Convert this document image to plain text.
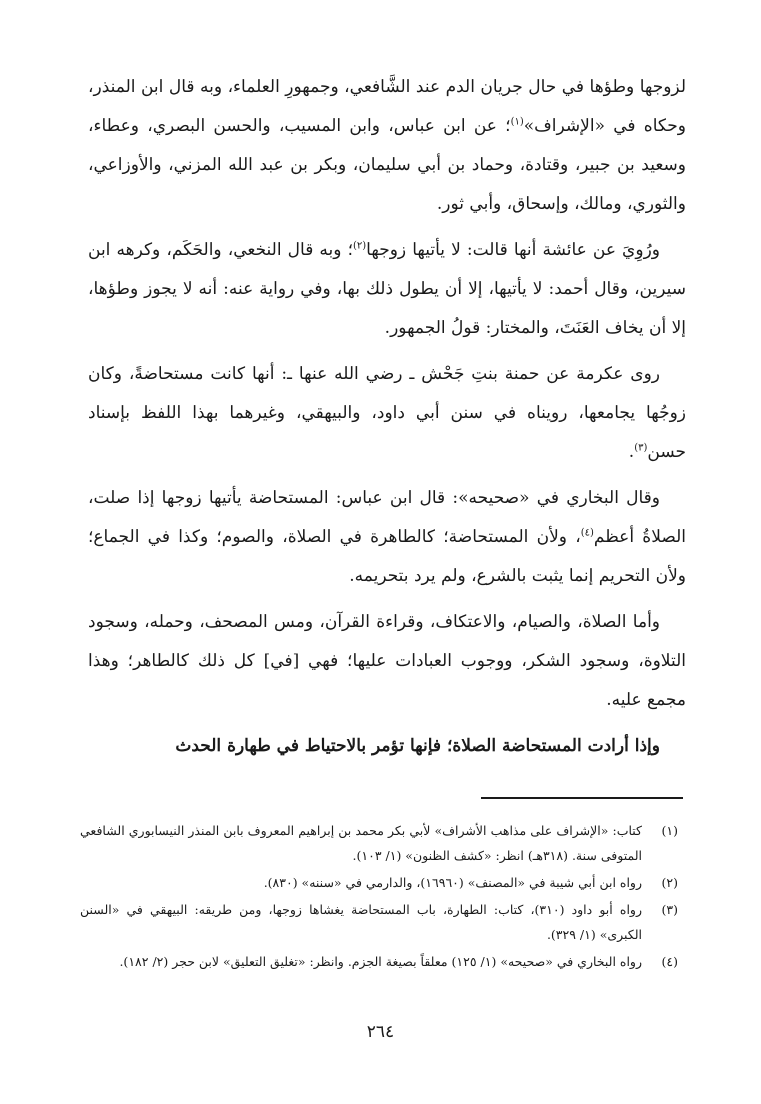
لزوجها وطؤها في حال جريان الدم عند الشَّافعي، وجمهورِ العلماء، وبه قال ابن المنذر، وحكاه في «الإشراف»$^{(١)}$؛ عن ابن عباس، وابن المسيب، والحسن البصري، وعطاء، وسعيد بن جبير، وقتادة، وحماد بن أبي سليمان، وبكر بن عبد الله المزني، والأوزاعي، والثوري، ومالك، وإسحاق، وأبي ثور.

ورُوِيَ عن عائشة أنها قالت: لا يأتيها زوجها$^{(٢)}$؛ وبه قال النخعي، والحَكَم، وكرهه ابن سيرين، وقال أحمد: لا يأتيها، إلا أن يطول ذلك بها، وفي رواية عنه: أنه لا يجوز وطؤها، إلا أن يخاف العَنَتَ، والمختار: قولُ الجمهور.

روى عكرمة عن حمنة بنتِ جَحْش ـ رضي الله عنها ـ: أنها كانت مستحاضةً، وكان زوجُها يجامعها، رويناه في سنن أبي داود، والبيهقي، وغيرهما بهذا اللفظ بإسناد حسن$^{(٣)}$.

وقال البخاري في «صحيحه»: قال ابن عباس: المستحاضة يأتيها زوجها إذا صلت، الصلاةُ أعظم$^{(٤)}$، ولأن المستحاضة؛ كالطاهرة في الصلاة، والصوم؛ وكذا في الجماع؛ ولأن التحريم إنما يثبت بالشرع، ولم يرد بتحريمه.

وأما الصلاة، والصيام، والاعتكاف، وقراءة القرآن، ومس المصحف، وحمله، وسجود التلاوة، وسجود الشكر، ووجوب العبادات عليها؛ فهي [في] كل ذلك كالطاهر؛ وهذا مجمع عليه.

وإذا أرادت المستحاضة الصلاة؛ فإنها تؤمر بالاحتياط في طهارة الحدث

(١)
كتاب: «الإشراف على مذاهب الأشراف» لأبي بكر محمد بن إبراهيم المعروف بابن المنذر النيسابوري الشافعي المتوفى سنة. (٣١٨هـ) انظر: «كشف الظنون» (١/ ١٠٣).
(٢)
رواه ابن أبي شيبة في «المصنف» (١٦٩٦٠)، والدارمي في «سننه» (٨٣٠).
(٣)
رواه أبو داود (٣١٠)، كتاب: الطهارة، باب المستحاضة يغشاها زوجها، ومن طريقه: البيهقي في «السنن الكبرى» (١/ ٣٢٩).
(٤)
رواه البخاري في «صحيحه» (١/ ١٢٥) معلقاً بصيغة الجزم. وانظر: «تغليق التعليق» لابن حجر (٢/ ١٨٢).
٢٦٤
